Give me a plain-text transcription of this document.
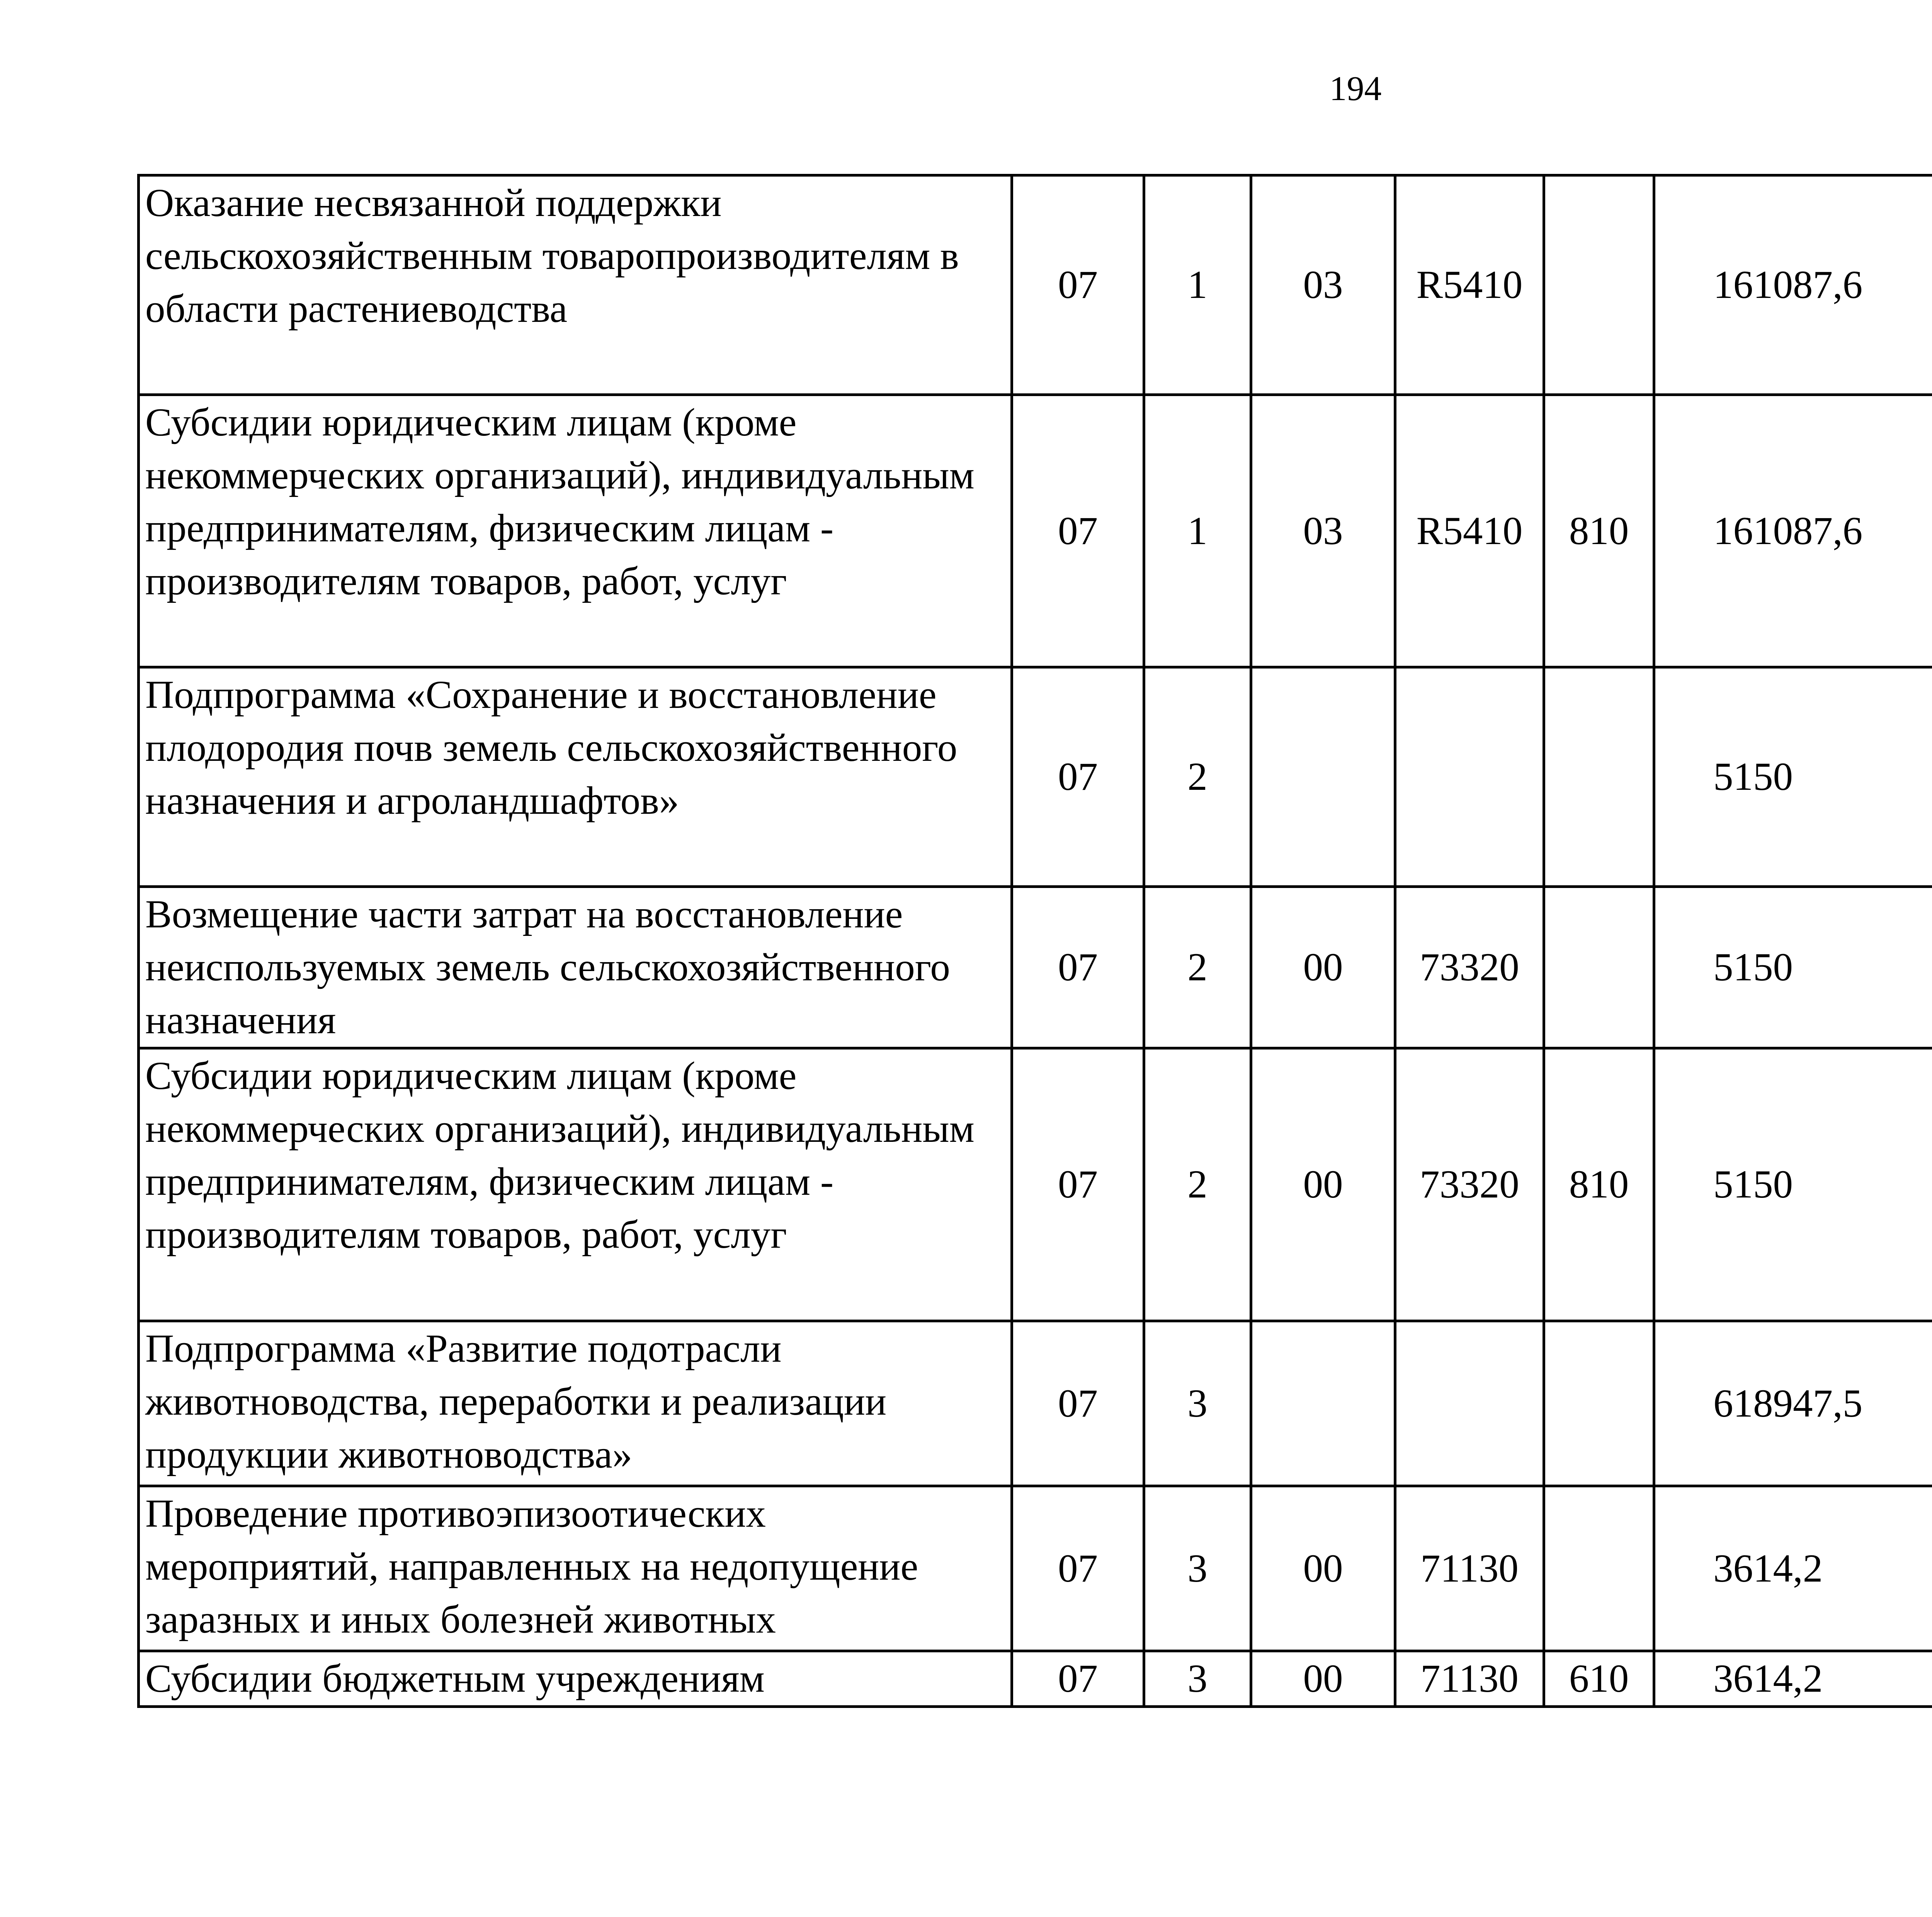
194
Оказание несвязанной поддержки сельскохозяйственным товаропроизводителям в области растениеводства	07	1	03	R5410		161087,6		
Субсидии юридическим лицам (кроме некоммерческих организаций), индивидуальным предпринимателям, физическим лицам - производителям товаров, работ, услуг	07	1	03	R5410	810	161087,6		
Подпрограмма «Сохранение и восстановление плодородия почв земель сельскохозяйственного назначения и агроландшафтов»	07	2				5150		
Возмещение части затрат на восстановление неиспользуемых земель сельскохозяйственного назначения	07	2	00	73320		5150		
Субсидии юридическим лицам (кроме некоммерческих организаций), индивидуальным предпринимателям, физическим лицам - производителям товаров, работ, услуг	07	2	00	73320	810	5150		
Подпрограмма «Развитие подотрасли животноводства, переработки и реализации продукции животноводства»	07	3				618947,5		
Проведение противоэпизоотических мероприятий, направленных на недопущение заразных и иных болезней животных	07	3	00	71130		3614,2		
Субсидии бюджетным учреждениям	07	3	00	71130	610	3614,2		
